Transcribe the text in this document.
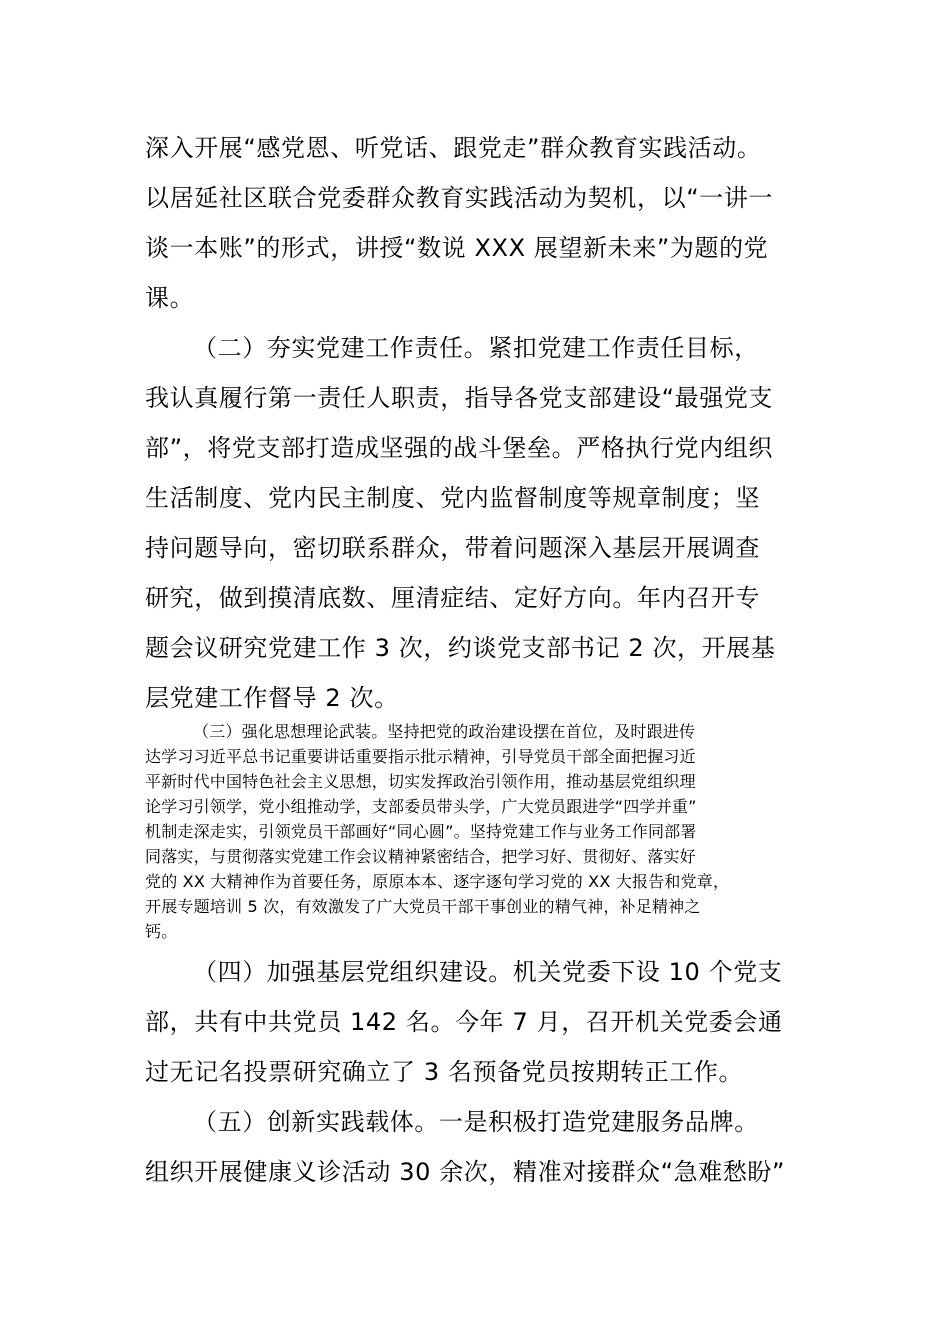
深入开展“感党恩、听党话、跟党走”群众教育实践活动。

以居延社区联合党委群众教育实践活动为契机，以“一讲一

谈一本账”的形式，讲授“数说 XXX 展望新未来”为题的党

课。

（二）夯实党建工作责任。紧扣党建工作责任目标，

我认真履行第一责任人职责，指导各党支部建设“最强党支

部”，将党支部打造成坚强的战斗堡垒。严格执行党内组织

生活制度、党内民主制度、党内监督制度等规章制度；坚

持问题导向，密切联系群众，带着问题深入基层开展调查

研究，做到摸清底数、厘清症结、定好方向。年内召开专

题会议研究党建工作 3 次，约谈党支部书记 2 次，开展基

层党建工作督导 2 次。

（三）强化思想理论武装。坚持把党的政治建设摆在首位，及时跟进传

达学习习近平总书记重要讲话重要指示批示精神，引导党员干部全面把握习近

平新时代中国特色社会主义思想，切实发挥政治引领作用，推动基层党组织理

论学习引领学，党小组推动学，支部委员带头学，广大党员跟进学“四学并重”

机制走深走实，引领党员干部画好“同心圆”。坚持党建工作与业务工作同部署

同落实，与贯彻落实党建工作会议精神紧密结合，把学习好、贯彻好、落实好

党的 XX 大精神作为首要任务，原原本本、逐字逐句学习党的 XX 大报告和党章，

开展专题培训 5 次，有效激发了广大党员干部干事创业的精气神，补足精神之

钙。

（四）加强基层党组织建设。机关党委下设 10 个党支

部，共有中共党员 142 名。今年 7 月，召开机关党委会通

过无记名投票研究确立了 3 名预备党员按期转正工作。

（五）创新实践载体。一是积极打造党建服务品牌。

组织开展健康义诊活动 30 余次，精准对接群众“急难愁盼”
